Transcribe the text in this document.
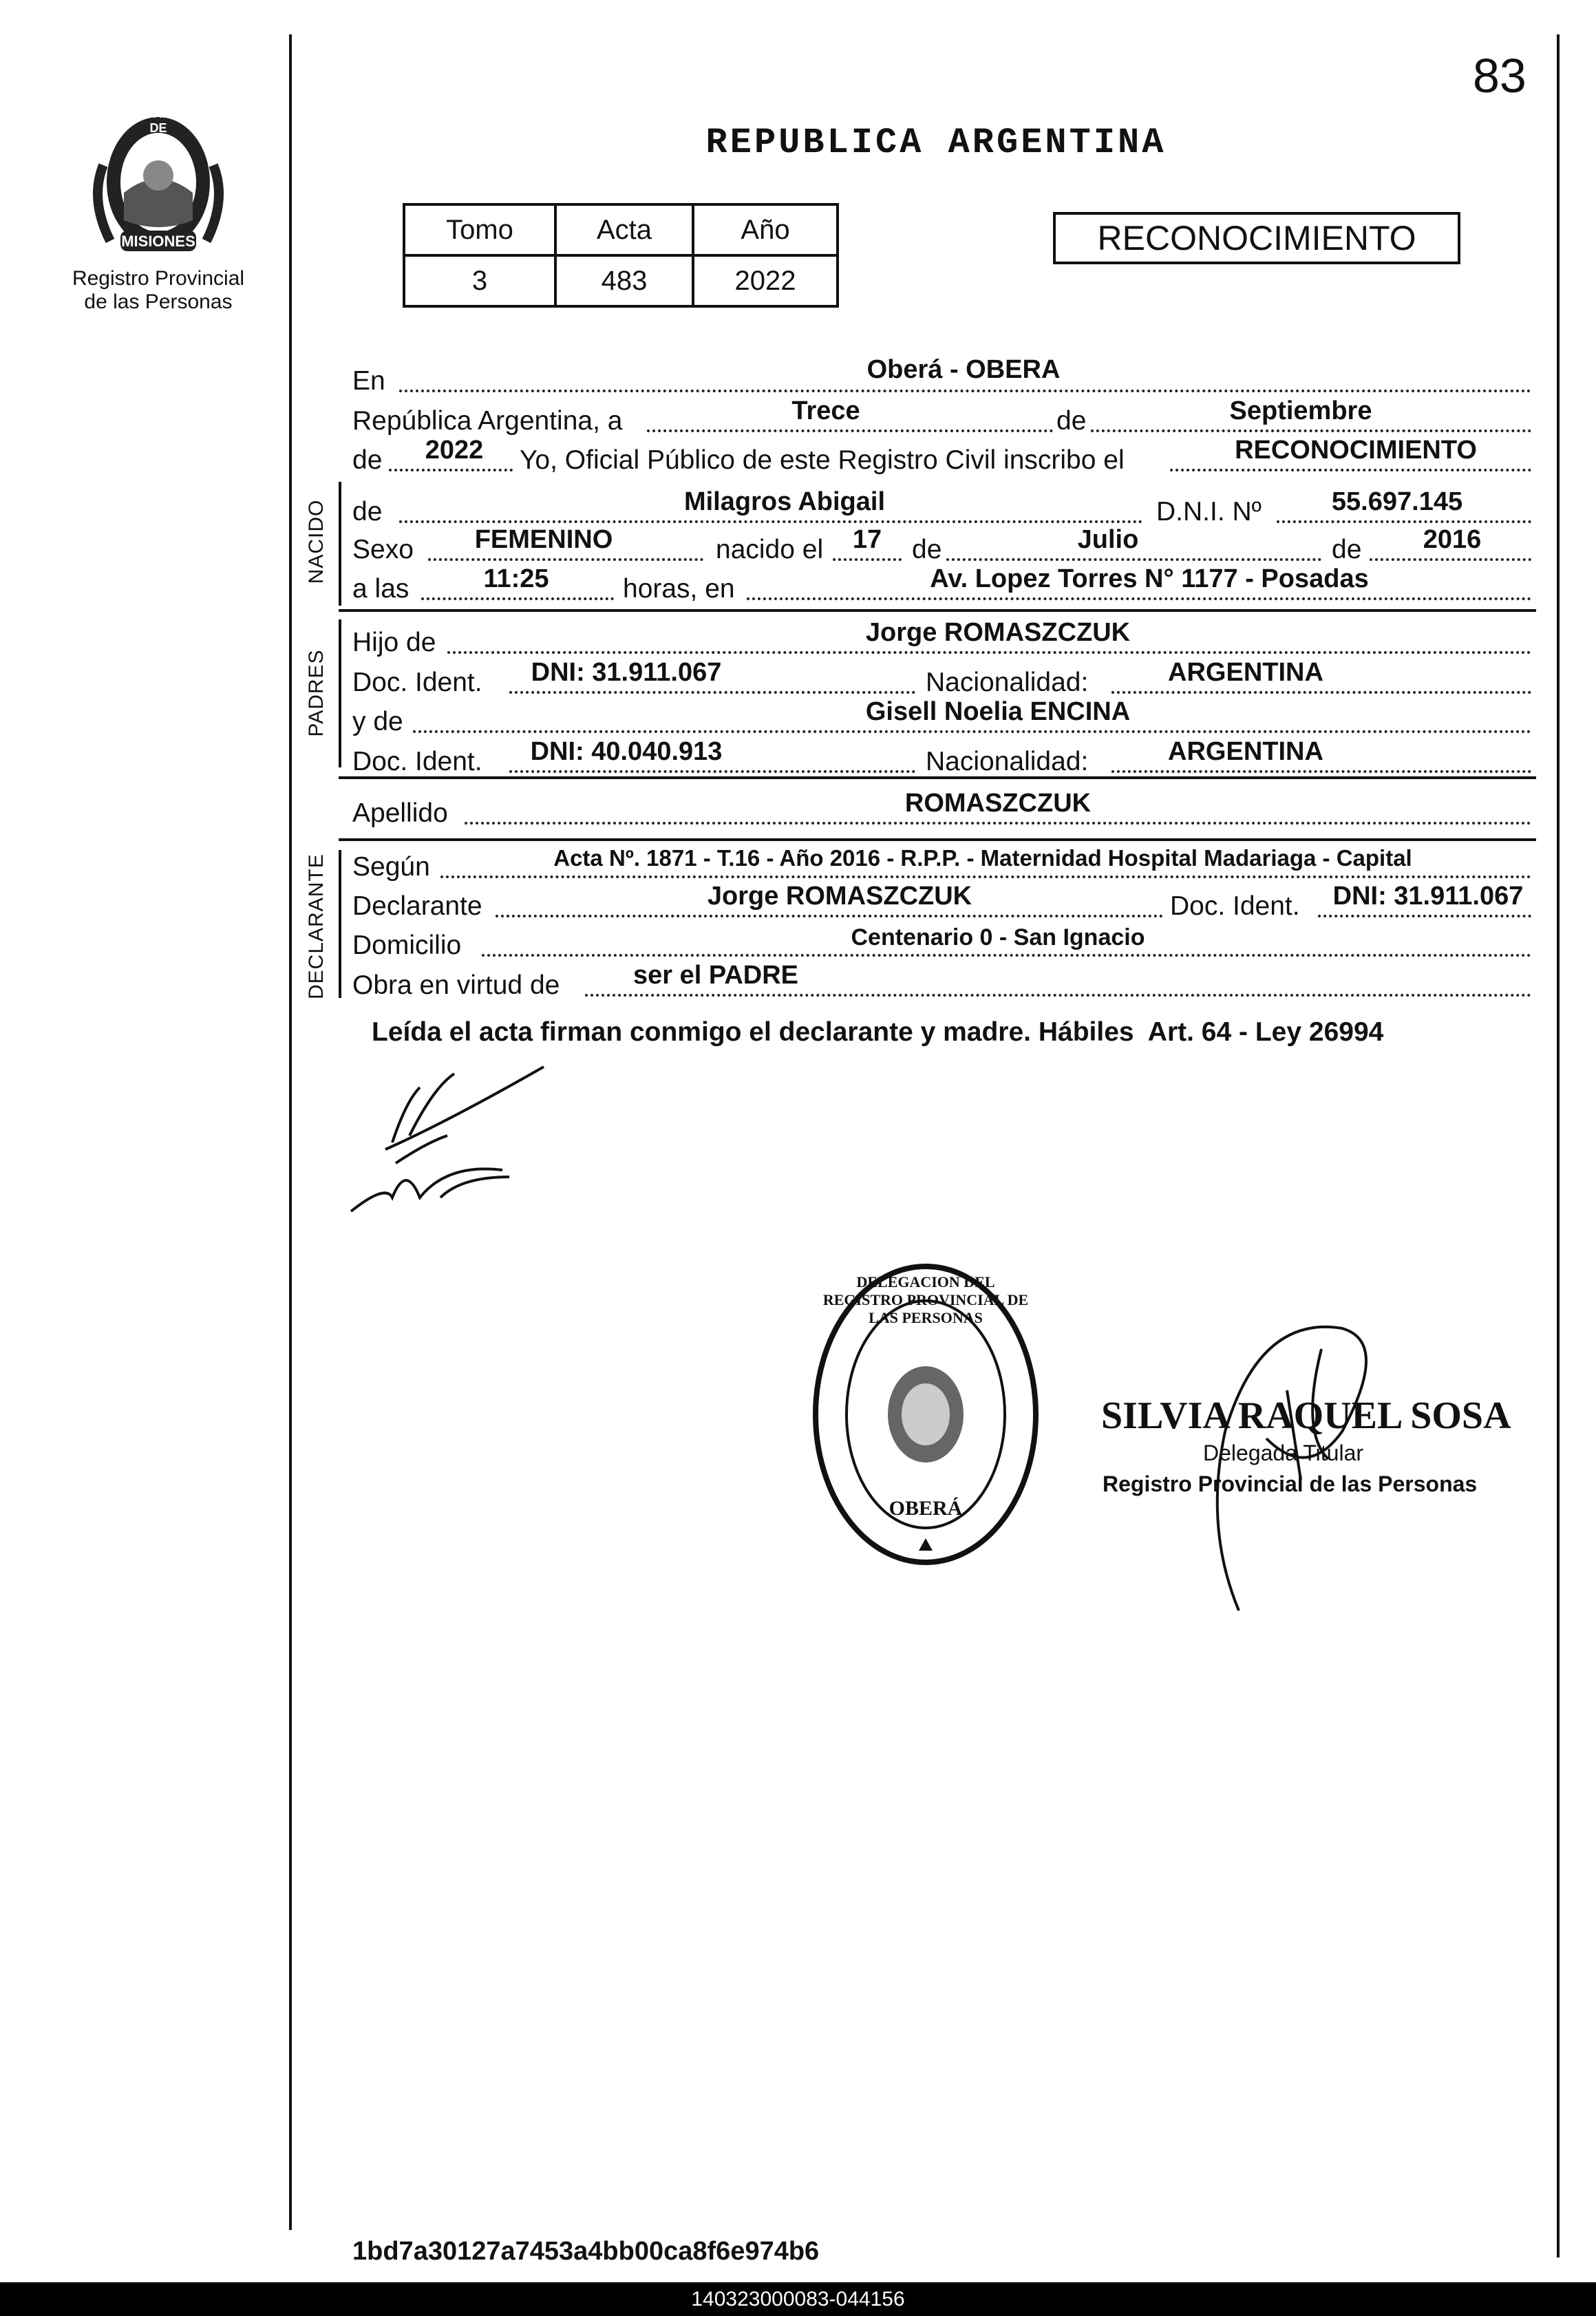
83
PROVINCIA DE
MISIONES
Registro Provincial
de las Personas
REPUBLICA ARGENTINA
Tomo	Acta	Año
3	483	2022
RECONOCIMIENTO
En	Oberá - OBERA
República Argentina, a	Trece	de	Septiembre
de	2022	Yo, Oficial Público de este Registro Civil inscribo el	RECONOCIMIENTO
NACIDO de	Milagros Abigail	D.N.I. Nº	55.697.145
Sexo	FEMENINO	nacido el	17	de	Julio	de	2016
a las	11:25	horas, en	Av. Lopez Torres N° 1177 - Posadas
PADRES
Hijo de	Jorge ROMASZCZUK
Doc. Ident.	DNI: 31.911.067	Nacionalidad:	ARGENTINA
y de	Gisell Noelia ENCINA
Doc. Ident.	DNI: 40.040.913	Nacionalidad:	ARGENTINA
Apellido	ROMASZCZUK
DECLARANTE Según	Acta Nº. 1871 - T.16 - Año 2016 - R.P.P. - Maternidad Hospital Madariaga - Capital
Declarante	Jorge ROMASZCZUK	Doc. Ident.	DNI: 31.911.067
Domicilio	Centenario 0 - San Ignacio
Obra en virtud de	ser el PADRE
Leída el acta firman conmigo el declarante y madre. Hábiles  Art. 64 - Ley 26994
DELEGACION DEL REGISTRO PROVINCIAL DE LAS PERSONAS
OBERÁ
SILVIA RAQUEL SOSA
Delegada Titular
Registro Provincial de las Personas
1bd7a30127a7453a4bb00ca8f6e974b6
140323000083-044156
